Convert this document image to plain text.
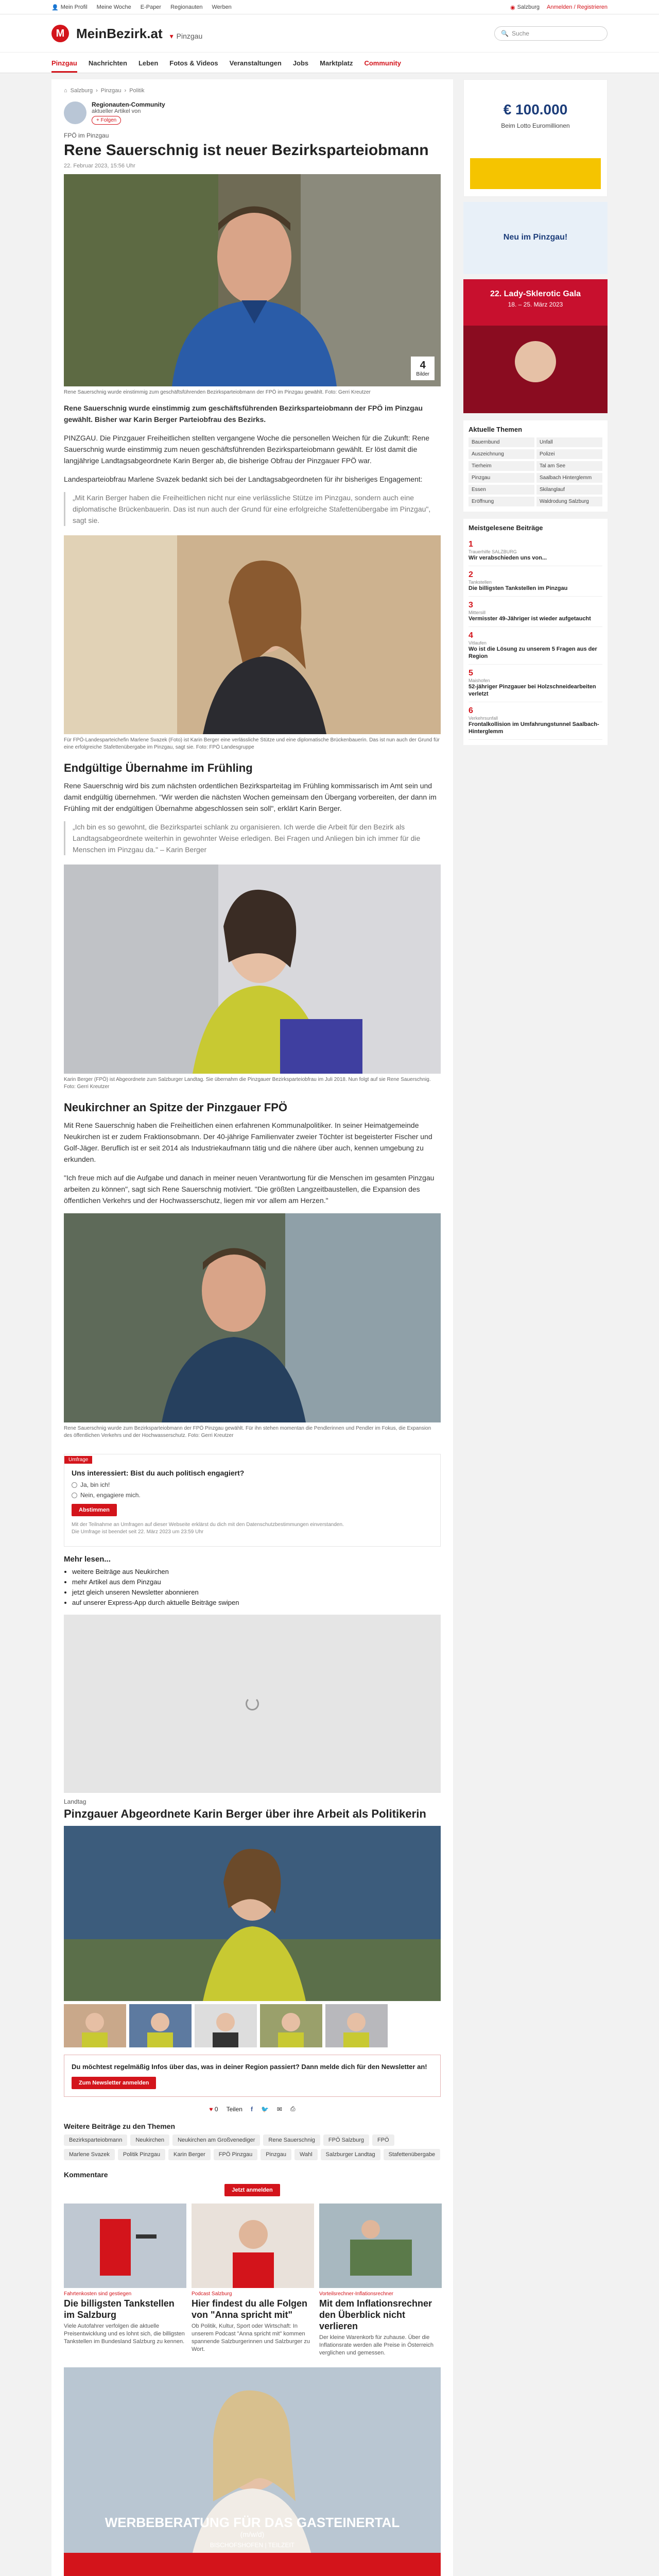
👤 Mein Profil Meine Woche E-Paper Regionauten Werben	◉ Salzburg Anmelden / Registrieren
M MeinBezirk.at ▾ Pinzgau	🔍 Suche
Pinzgau Nachrichten Leben Fotos & Videos Veranstaltungen Jobs Marktplatz Community
⌂ Salzburg › Pinzgau › Politik
Regionauten-Community
aktueller Artikel von
+ Folgen
FPÖ im Pinzgau
Rene Sauerschnig ist neuer Bezirksparteiobmann
22. Februar 2023, 15:56 Uhr
4
Bilder
Rene Sauerschnig wurde einstimmig zum geschäftsführenden Bezirksparteiobmann der FPÖ im Pinzgau gewählt. Foto: Gerri Kreutzer

Rene Sauerschnig wurde einstimmig zum geschäftsführenden Bezirksparteiobmann der FPÖ im Pinzgau gewählt. Bisher war Karin Berger Parteiobfrau des Bezirks.

PINZGAU. Die Pinzgauer Freiheitlichen stellten vergangene Woche die personellen Weichen für die Zukunft: Rene Sauerschnig wurde einstimmig zum neuen geschäftsführenden Bezirksparteiobmann gewählt. Er löst damit die langjährige Landtagsabgeordnete Karin Berger ab, die bisherige Obfrau der Pinzgauer FPÖ war.

Landesparteiobfrau Marlene Svazek bedankt sich bei der Landtagsabgeordneten für ihr bisheriges Engagement:

„Mit Karin Berger haben die Freiheitlichen nicht nur eine verlässliche Stütze im Pinzgau, sondern auch eine diplomatische Brückenbauerin. Das ist nun auch der Grund für eine erfolgreiche Stafettenübergabe im Pinzgau", sagt sie.
Für FPÖ-Landesparteichefin Marlene Svazek (Foto) ist Karin Berger eine verlässliche Stütze und eine diplomatische Brückenbauerin. Das ist nun auch der Grund für eine erfolgreiche Stafettenübergabe im Pinzgau, sagt sie. Foto: FPÖ Landesgruppe
Endgültige Übernahme im Frühling

Rene Sauerschnig wird bis zum nächsten ordentlichen Bezirksparteitag im Frühling kommissarisch im Amt sein und damit endgültig übernehmen. "Wir werden die nächsten Wochen gemeinsam den Übergang vorbereiten, der dann im Frühling mit der endgültigen Übernahme abgeschlossen sein soll", erklärt Karin Berger.

„Ich bin es so gewohnt, die Bezirkspartei schlank zu organisieren. Ich werde die Arbeit für den Bezirk als Landtagsabgeordnete weiterhin in gewohnter Weise erledigen. Bei Fragen und Anliegen bin ich immer für die Menschen im Pinzgau da." – Karin Berger
Karin Berger (FPÖ) ist Abgeordnete zum Salzburger Landtag. Sie übernahm die Pinzgauer Bezirksparteiobfrau im Juli 2018. Nun folgt auf sie Rene Sauerschnig. Foto: Gerri Kreutzer
Neukirchner an Spitze der Pinzgauer FPÖ

Mit Rene Sauerschnig haben die Freiheitlichen einen erfahrenen Kommunalpolitiker. In seiner Heimatgemeinde Neukirchen ist er zudem Fraktionsobmann. Der 40-jährige Familienvater zweier Töchter ist begeisterter Fischer und Golf-Jäger. Beruflich ist er seit 2014 als Industriekaufmann tätig und die nähere über auch, kennen umgebung zu erkunden.

"Ich freue mich auf die Aufgabe und danach in meiner neuen Verantwortung für die Menschen im gesamten Pinzgau arbeiten zu können", sagt sich Rene Sauerschnig motiviert. "Die größten Langzeitbaustellen, die Expansion des öffentlichen Verkehrs und der Hochwasserschutz, liegen mir vor allem am Herzen."

Rene Sauerschnig wurde zum Bezirksparteiobmann der FPÖ Pinzgau gewählt. Für ihn stehen momentan die Pendlerinnen und Pendler im Fokus, die Expansion des öffentlichen Verkehrs und der Hochwasserschutz. Foto: Gerri Kreutzer
Umfrage
Uns interessiert: Bist du auch politisch engagiert?
Ja, bin ich!
Nein, engagiere mich.
Abstimmen
Mit der Teilnahme an Umfragen auf dieser Webseite erklärst du dich mit den Datenschutzbestimmungen einverstanden.
Die Umfrage ist beendet seit 22. März 2023 um 23:59 Uhr
Mehr lesen...
• weitere Beiträge aus Neukirchen
• mehr Artikel aus dem Pinzgau
• jetzt gleich unseren Newsletter abonnieren
• auf unserer Express-App durch aktuelle Beiträge swipen
Landtag
Pinzgauer Abgeordnete Karin Berger über ihre Arbeit als Politikerin
Du möchtest regelmäßig Infos über das, was in deiner Region passiert? Dann melde dich für den Newsletter an!
Zum Newsletter anmelden
♥ 0 Teilen f 🐦 ✉ ⎙
Weitere Beiträge zu den Themen
Bezirksparteiobmann	Neukirchen	Neukirchen am Großvenediger	Rene Sauerschnig	FPÖ Salzburg	FPÖ
Marlene Svazek	Politik Pinzgau	Karin Berger	FPÖ Pinzgau	Pinzgau	Wahl	Salzburger Landtag	Stafettenübergabe
Kommentare
Jetzt anmelden
Fahrtenkosten sind gestiegen
Die billigsten Tankstellen im Salzburg

Viele Autofahrer verfolgen die aktuelle Preisentwicklung und es lohnt sich, die billigsten Tankstellen im Bundesland Salzburg zu kennen.

Podcast Salzburg
Hier findest du alle Folgen von "Anna spricht mit"

Ob Politik, Kultur, Sport oder Wirtschaft: In unserem Podcast "Anna spricht mit" kommen spannende Salzburgerinnen und Salzburger zu Wort.

Vorteilsrechner-Inflationsrechner
Mit dem Inflationsrechner den Überblick nicht verlieren

Der kleine Warenkorb für zuhause. Über die Inflationsrate werden alle Preise in Österreich verglichen und gemessen.

WERBEBERATUNG FÜR DAS GASTEINERTAL
(m/w/d)
BISCHOFSHOFEN | TEILZEIT
€ 100.000
Beim Lotto Euromillionen
Neu im Pinzgau!
22. Lady-Sklerotic Gala
18. – 25. März 2023
Aktuelle Themen
Bauernbund	Unfall
Auszeichnung	Polizei
Tierheim	Tal am See
Pinzgau	Saalbach Hinterglemm
Essen	Skilanglauf
Eröffnung	Waldrodung Salzburg
Meistgelesene Beiträge
1
Trauerhilfe SALZBURG
Wir verabschieden uns von...
2
Tankstellen
Die billigsten Tankstellen im Pinzgau
3
Mittersill
Vermisster 49-Jähriger ist wieder aufgetaucht
4
Vitlaufen
Wo ist die Lösung zu unserem 5 Fragen aus der Region
5
Maishofen
52-jähriger Pinzgauer bei Holzschneidearbeiten verletzt
6
Verkehrsunfall
Frontalkollision im Umfahrungstunnel Saalbach-Hinterglemm
